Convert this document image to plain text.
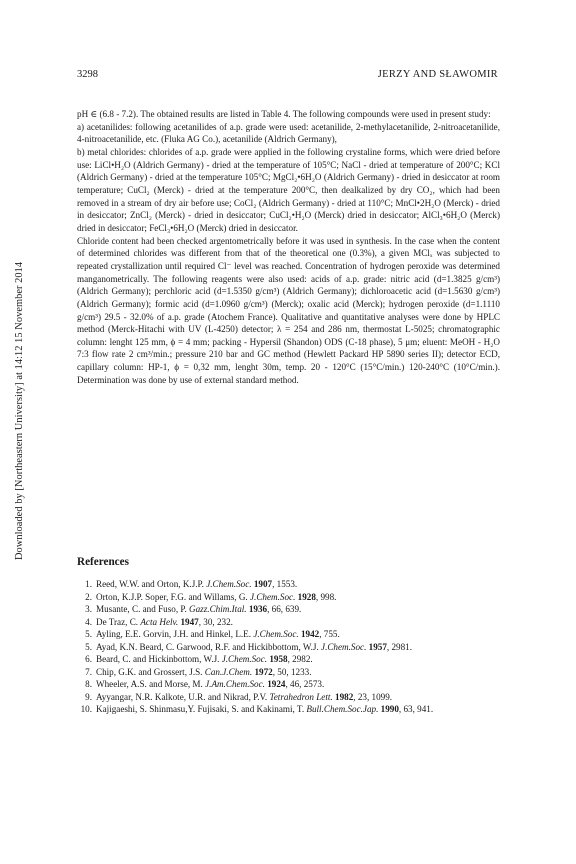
Downloaded by [Northeastern University] at 14:12 15 November 2014
3298	JERZY AND SŁAWOMIR

pH ∈ (6.8 - 7.2). The obtained results are listed in Table 4. The following compounds were used in present study:

a) acetanilides: following acetanilides of a.p. grade were used: acetanilide, 2-methylacetanilide, 2-nitroacetanilide, 4-nitroacetanilide, etc. (Fluka AG Co.), acetanilide (Aldrich Germany),

b) metal chlorides: chlorides of a.p. grade were applied in the following crystaline forms, which were dried before use: LiCl•H₂O (Aldrich Germany) - dried at the temperature of 105°C; NaCl - dried at temperature of 200°C; KCl (Aldrich Germany) - dried at the temperature 105°C; MgCl₂•6H₂O (Aldrich Germany) - dried in desiccator at room temperature; CuCl₂ (Merck) - dried at the temperature 200°C, then dealkalized by dry CO₂, which had been removed in a stream of dry air before use; CoCl₂ (Aldrich Germany) - dried at 110°C; MnCl•2H₂O (Merck) - dried in desiccator; ZnCl₂ (Merck) - dried in desiccator; CuCl₂•H₂O (Merck) dried in desiccator; AlCl₃•6H₂O (Merck) dried in desiccator; FeCl₃•6H₂O (Merck) dried in desiccator.

Chloride content had been checked argentometrically before it was used in synthesis. In the case when the content of determined chlorides was different from that of the theoretical one (0.3%), a given MClₓ was subjected to repeated crystallization until required Cl⁻ level was reached. Concentration of hydrogen peroxide was determined manganometrically. The following reagents were also used: acids of a.p. grade: nitric acid (d=1.3825 g/cm³) (Aldrich Germany); perchloric acid (d=1.5350 g/cm³) (Aldrich Germany); dichloroacetic acid (d=1.5630 g/cm³) (Aldrich Germany); formic acid (d=1.0960 g/cm³) (Merck); oxalic acid (Merck); hydrogen peroxide (d=1.1110 g/cm³) 29.5 - 32.0% of a.p. grade (Atochem France). Qualitative and quantitative analyses were done by HPLC method (Merck-Hitachi with UV (L-4250) detector; λ = 254 and 286 nm, thermostat L-5025; chromatographic column: lenght 125 mm, ϕ = 4 mm; packing - Hypersil (Shandon) ODS (C-18 phase), 5 μm; eluent: MeOH - H₂O 7:3 flow rate 2 cm³/min.; pressure 210 bar and GC method (Hewlett Packard HP 5890 series II); detector ECD, capillary column: HP-1, ϕ = 0,32 mm, lenght 30m, temp. 20 - 120°C (15°C/min.) 120-240°C (10°C/min.). Determination was done by use of external standard method.

References
1. Reed, W.W. and Orton, K.J.P. J.Chem.Soc. 1907, 1553.
2. Orton, K.J.P. Soper, F.G. and Willams, G. J.Chem.Soc. 1928, 998.
3. Musante, C. and Fuso, P. Gazz.Chim.Ital. 1936, 66, 639.
4. De Traz, C. Acta Helv. 1947, 30, 232.
5. Ayling, E.E. Gorvin, J.H. and Hinkel, L.E. J.Chem.Soc. 1942, 755.
5. Ayad, K.N. Beard, C. Garwood, R.F. and Hickibbottom, W.J. J.Chem.Soc. 1957, 2981.
6. Beard, C. and Hickinbottom, W.J. J.Chem.Soc. 1958, 2982.
7. Chip, G.K. and Grossert, J.S. Can.J.Chem. 1972, 50, 1233.
8. Wheeler, A.S. and Morse, M. J.Am.Chem.Soc. 1924, 46, 2573.
9. Ayyangar, N.R. Kalkote, U.R. and Nikrad, P.V. Tetrahedron Lett. 1982, 23, 1099.
10. Kajigaeshi, S. Shinmasu,Y. Fujisaki, S. and Kakinami, T. Bull.Chem.Soc.Jap. 1990, 63, 941.
